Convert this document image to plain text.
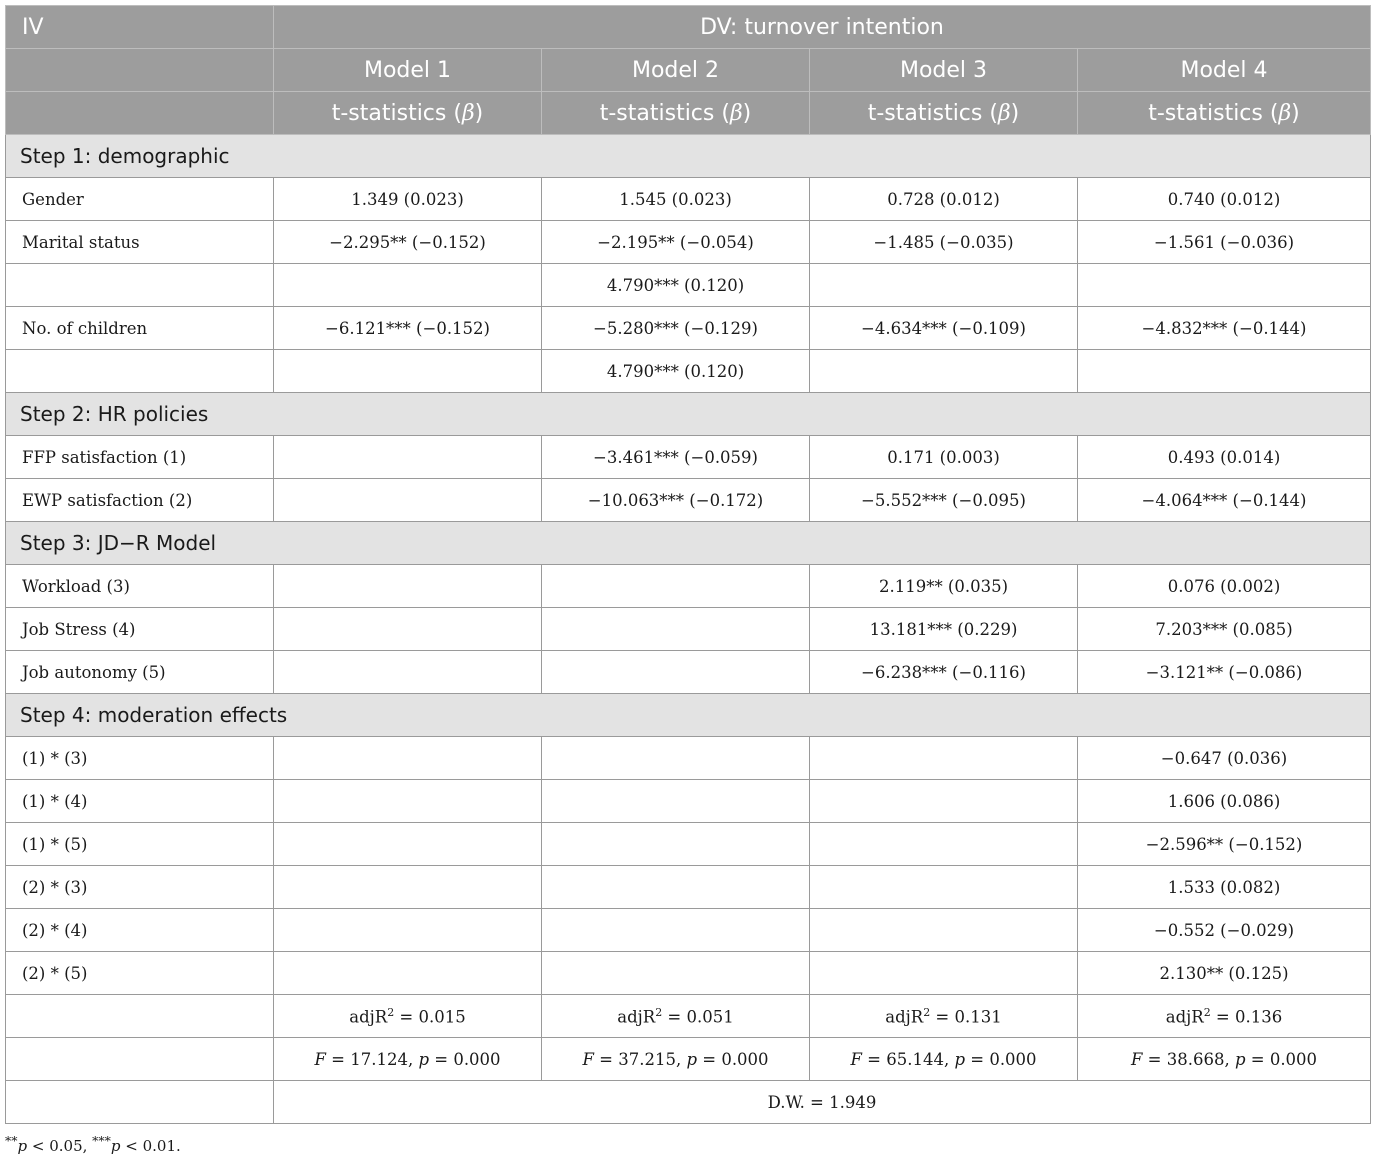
IV	DV: turnover intention			
	Model 1	Model 2	Model 3	Model 4
	t-statistics (β)	t-statistics (β)	t-statistics (β)	t-statistics (β)
Step 1: demographic				
Gender	1.349 (0.023)	1.545 (0.023)	0.728 (0.012)	0.740 (0.012)
Marital status	−2.295** (−0.152)	−2.195** (−0.054)	−1.485 (−0.035)	−1.561 (−0.036)
		4.790*** (0.120)		
No. of children	−6.121*** (−0.152)	−5.280*** (−0.129)	−4.634*** (−0.109)	−4.832*** (−0.144)
		4.790*** (0.120)		
Step 2: HR policies				
FFP satisfaction (1)		−3.461*** (−0.059)	0.171 (0.003)	0.493 (0.014)
EWP satisfaction (2)		−10.063*** (−0.172)	−5.552*** (−0.095)	−4.064*** (−0.144)
Step 3: JD−R Model				
Workload (3)			2.119** (0.035)	0.076 (0.002)
Job Stress (4)			13.181*** (0.229)	7.203*** (0.085)
Job autonomy (5)			−6.238*** (−0.116)	−3.121** (−0.086)
Step 4: moderation effects				
(1) * (3)				−0.647 (0.036)
(1) * (4)				1.606 (0.086)
(1) * (5)				−2.596** (−0.152)
(2) * (3)				1.533 (0.082)
(2) * (4)				−0.552 (−0.029)
(2) * (5)				2.130** (0.125)
	adjR$^2$ = 0.015	adjR$^2$ = 0.051	adjR$^2$ = 0.131	adjR$^2$ = 0.136
	F = 17.124, p = 0.000	F = 37.215, p = 0.000	F = 65.144, p = 0.000	F = 38.668, p = 0.000
	D.W. = 1.949			
**p < 0.05, ***p < 0.01.
